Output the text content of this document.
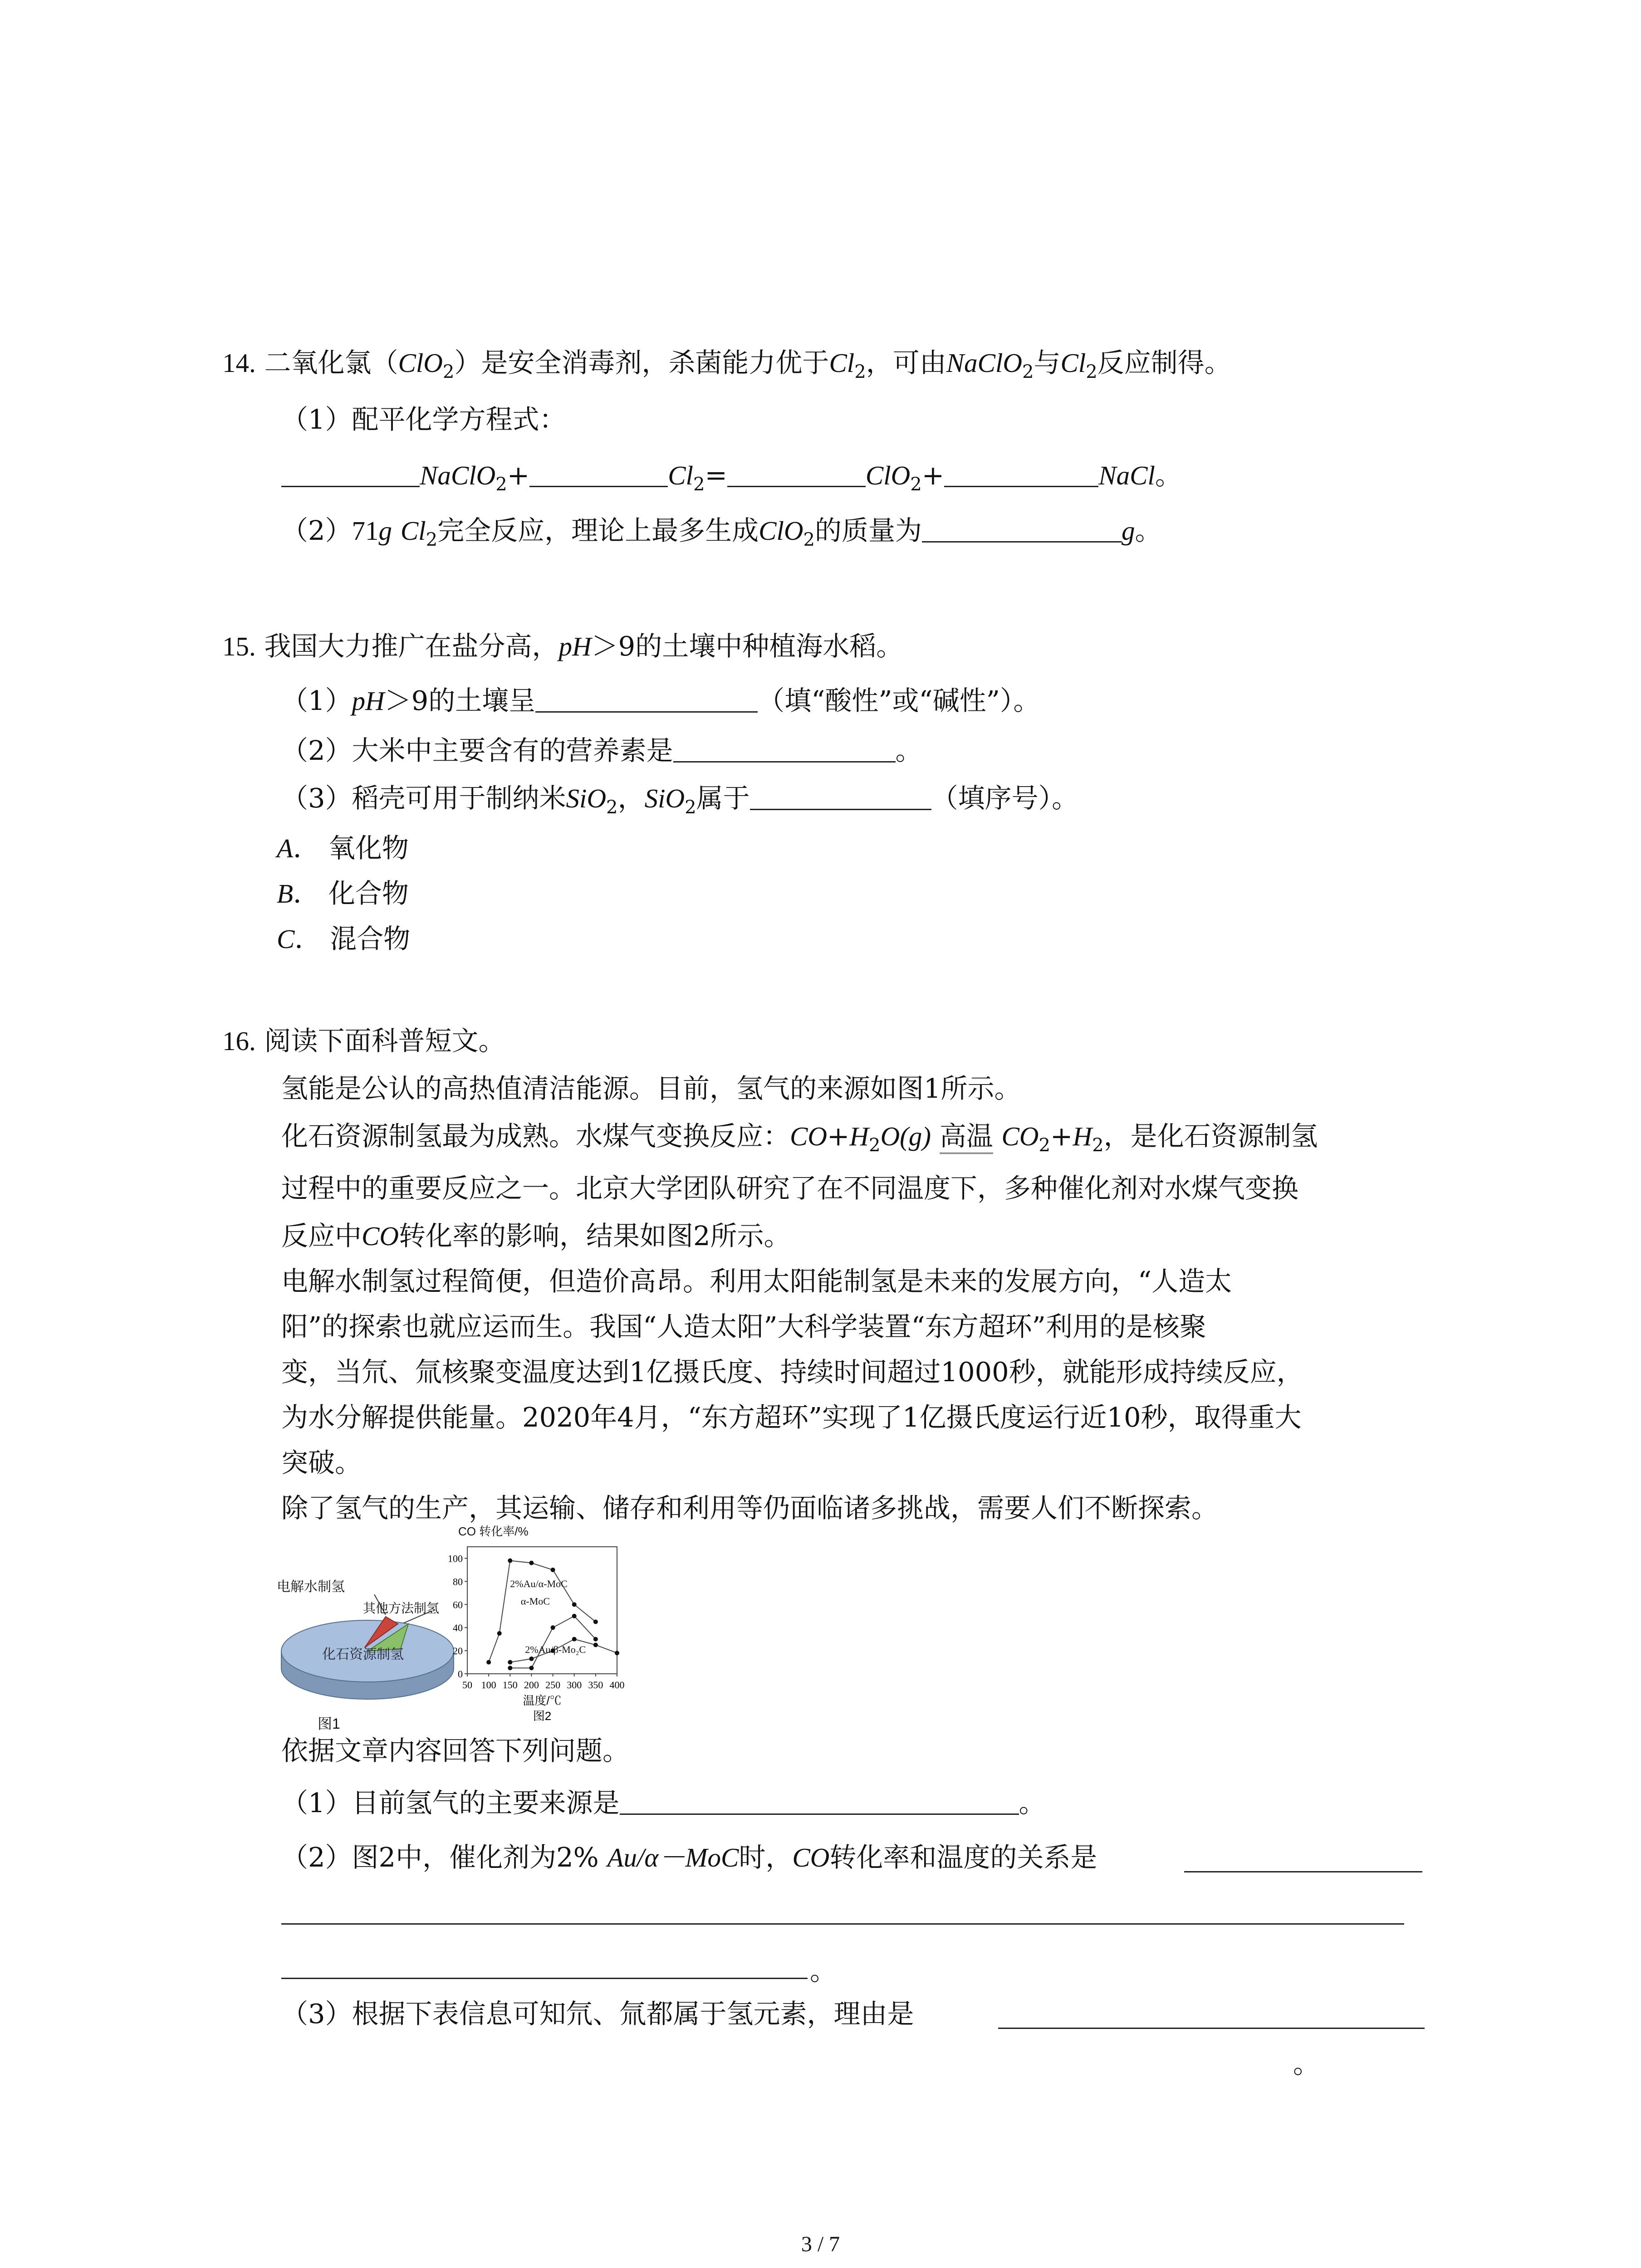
14. 二氧化氯（ClO$_2$）是安全消毒剂，杀菌能力优于$Cl_2$，可由NaClO$_2$与$Cl_2$反应制得。
（1）配平化学方程式：
NaClO$_2$+	$Cl_2=$	ClO$_2$+	NaCl。
（2）71g $Cl_2$完全反应，理论上最多生成ClO$_2$的质量为	g。
15. 我国大力推广在盐分高，pH＞9的土壤中种植海水稻。
（1）pH＞9的土壤呈	（填“酸性”或“碱性”）。
（2）大米中主要含有的营养素是	。
（3）稻壳可用于制纳米SiO$_2$，SiO$_2$属于	（填序号）。
A． 氧化物
B． 化合物
C． 混合物
16. 阅读下面科普短文。
氢能是公认的高热值清洁能源。目前，氢气的来源如图1所示。
化石资源制氢最为成熟。水煤气变换反应：$CO+H_2O(g)$ 高温 $CO_2+H_2$，是化石资源制氢
过程中的重要反应之一。北京大学团队研究了在不同温度下，多种催化剂对水煤气变换
反应中CO转化率的影响，结果如图2所示。
电解水制氢过程简便，但造价高昂。利用太阳能制氢是未来的发展方向，“人造太
阳”的探索也就应运而生。我国“人造太阳”大科学装置“东方超环”利用的是核聚
变，当氘、氚核聚变温度达到1亿摄氏度、持续时间超过1000秒，就能形成持续反应，
为水分解提供能量。2020年4月，“东方超环”实现了1亿摄氏度运行近10秒，取得重大
突破。
除了氢气的生产，其运输、储存和利用等仍面临诸多挑战，需要人们不断探索。
电解水制氢
其他方法制氢
化石资源制氢
图1
CO 转化率/%
0
20
40
60
80
100
50 100 150 200 250 300 350 400
温度/℃
图2
2%Au/α-MoC
α-MoC
2%Au/β-Mo₂C
依据文章内容回答下列问题。
（1）目前氢气的主要来源是	。
（2）图2中，催化剂为2% Au/α－MoC时，CO转化率和温度的关系是
。
（3）根据下表信息可知氘、氚都属于氢元素，理由是
。
3 / 7
